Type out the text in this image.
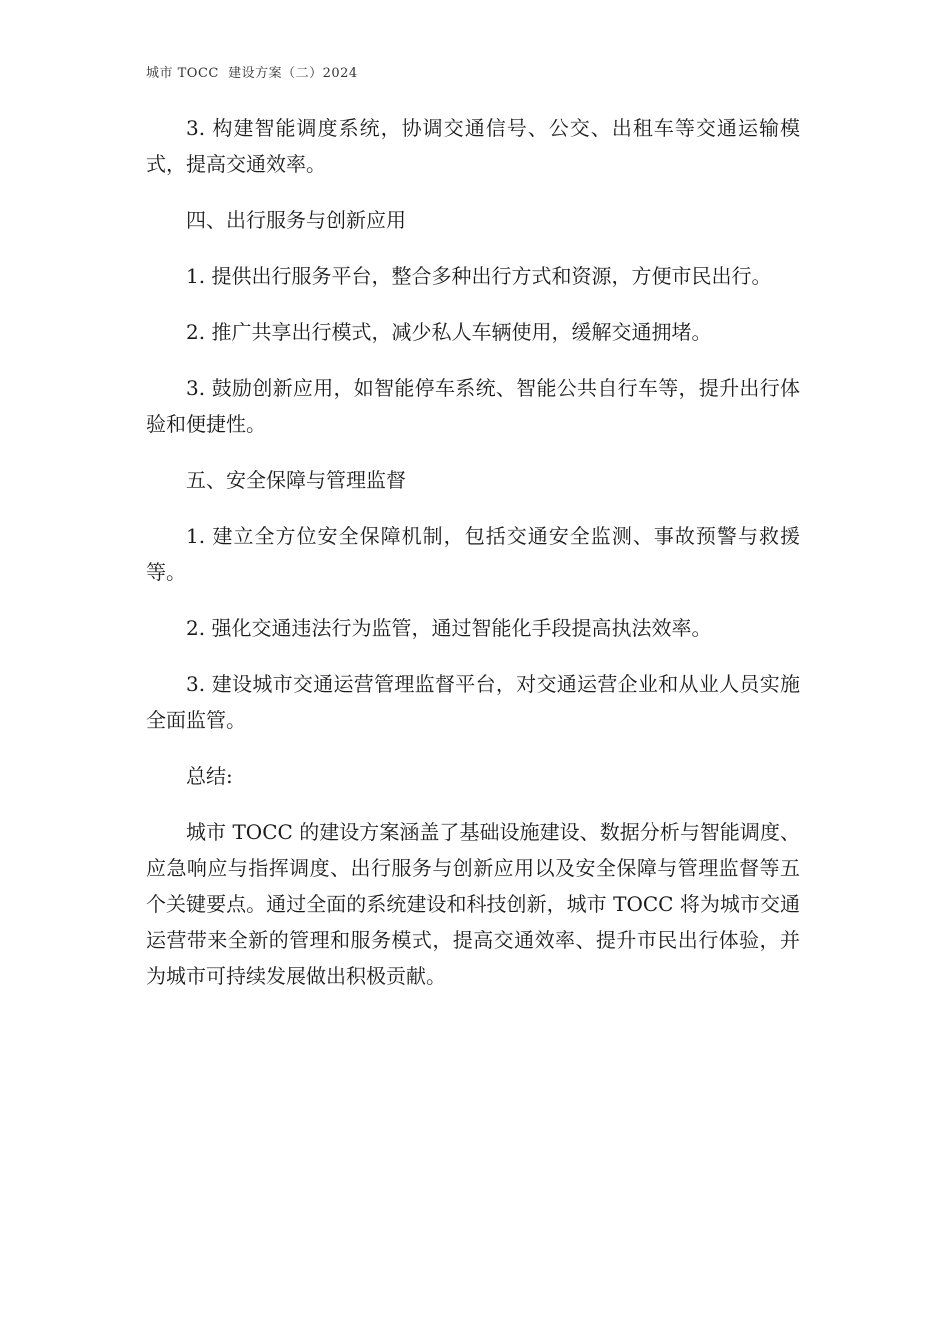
城市 TOCC  建设方案（二）2024

3. 构建智能调度系统，协调交通信号、公交、出租车等交通运输模式，提高交通效率。

四、出行服务与创新应用

1. 提供出行服务平台，整合多种出行方式和资源，方便市民出行。

2. 推广共享出行模式，减少私人车辆使用，缓解交通拥堵。

3. 鼓励创新应用，如智能停车系统、智能公共自行车等，提升出行体验和便捷性。

五、安全保障与管理监督

1. 建立全方位安全保障机制，包括交通安全监测、事故预警与救援等。

2. 强化交通违法行为监管，通过智能化手段提高执法效率。

3. 建设城市交通运营管理监督平台，对交通运营企业和从业人员实施全面监管。

总结:

城市 TOCC 的建设方案涵盖了基础设施建设、数据分析与智能调度、应急响应与指挥调度、出行服务与创新应用以及安全保障与管理监督等五个关键要点。通过全面的系统建设和科技创新，城市 TOCC 将为城市交通运营带来全新的管理和服务模式，提高交通效率、提升市民出行体验，并为城市可持续发展做出积极贡献。
